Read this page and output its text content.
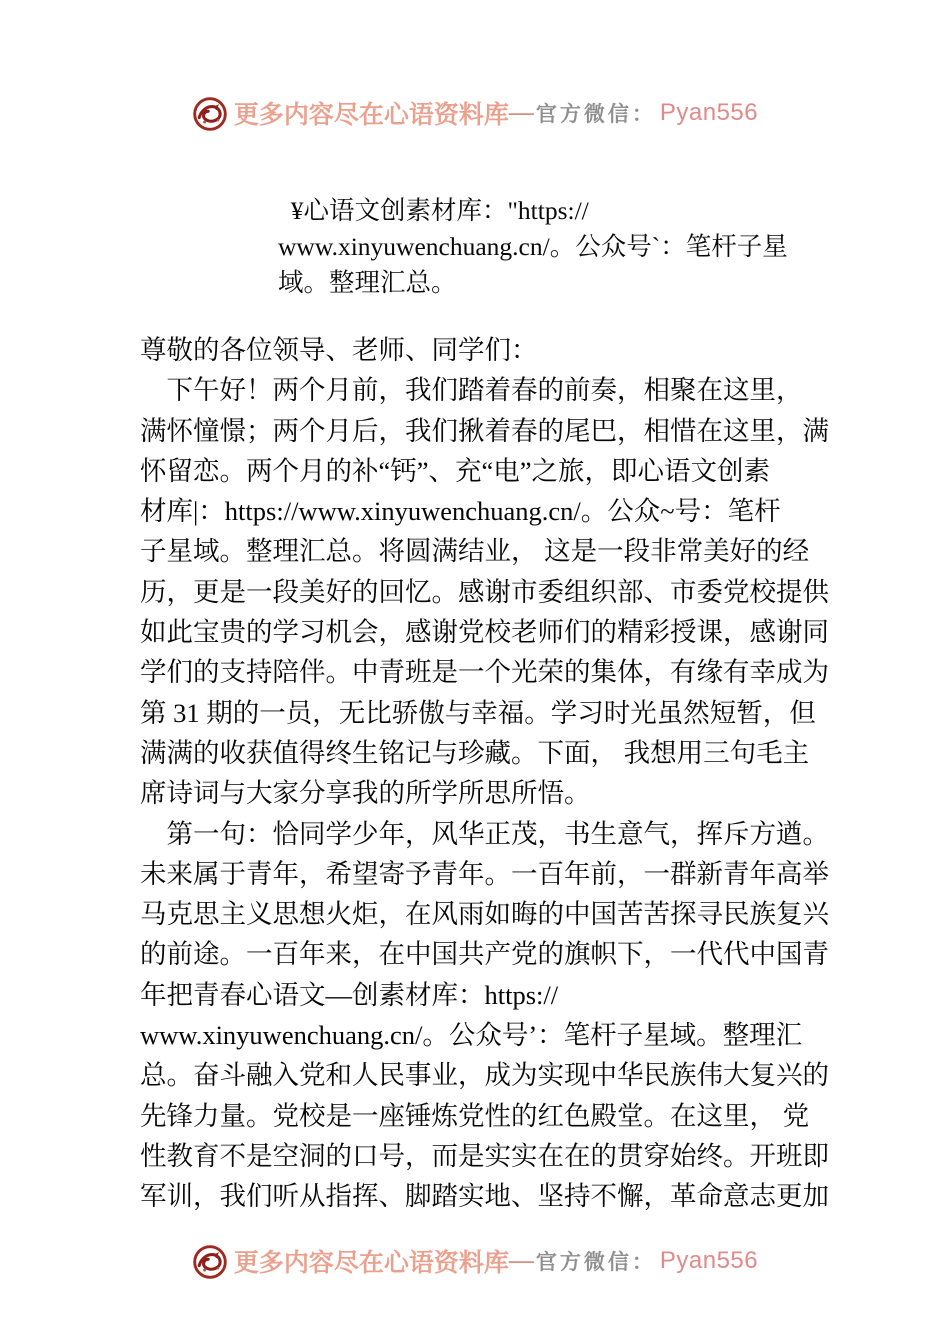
更多内容尽在心语资料库 — 官方微信： Pyan556
¥心语文创素材库："https://
www.xinyuwenchuang.cn/。公众号`：笔杆子星
域。整理汇总。
尊敬的各位领导、老师、同学们：
下午好！两个月前，我们踏着春的前奏，相聚在这里，
满怀憧憬；两个月后，我们揪着春的尾巴，相惜在这里，满
怀留恋。两个月的补“钙”、充“电”之旅，即心语文创素
材库|：https://www.xinyuwenchuang.cn/。公众~号：笔杆
子星域。整理汇总。将圆满结业， 这是一段非常美好的经
历，更是一段美好的回忆。感谢市委组织部、市委党校提供
如此宝贵的学习机会，感谢党校老师们的精彩授课，感谢同
学们的支持陪伴。中青班是一个光荣的集体，有缘有幸成为
第 31 期的一员，无比骄傲与幸福。学习时光虽然短暂，但
满满的收获值得终生铭记与珍藏。下面， 我想用三句毛主
席诗词与大家分享我的所学所思所悟。
第一句：恰同学少年，风华正茂，书生意气，挥斥方遒。
未来属于青年，希望寄予青年。一百年前，一群新青年高举
马克思主义思想火炬，在风雨如晦的中国苦苦探寻民族复兴
的前途。一百年来，在中国共产党的旗帜下，一代代中国青
年把青春心语文—创素材库：https://
www.xinyuwenchuang.cn/。公众号’：笔杆子星域。整理汇
总。奋斗融入党和人民事业，成为实现中华民族伟大复兴的
先锋力量。党校是一座锤炼党性的红色殿堂。在这里， 党
性教育不是空洞的口号，而是实实在在的贯穿始终。开班即
军训，我们听从指挥、脚踏实地、坚持不懈，革命意志更加
更多内容尽在心语资料库 — 官方微信： Pyan556
